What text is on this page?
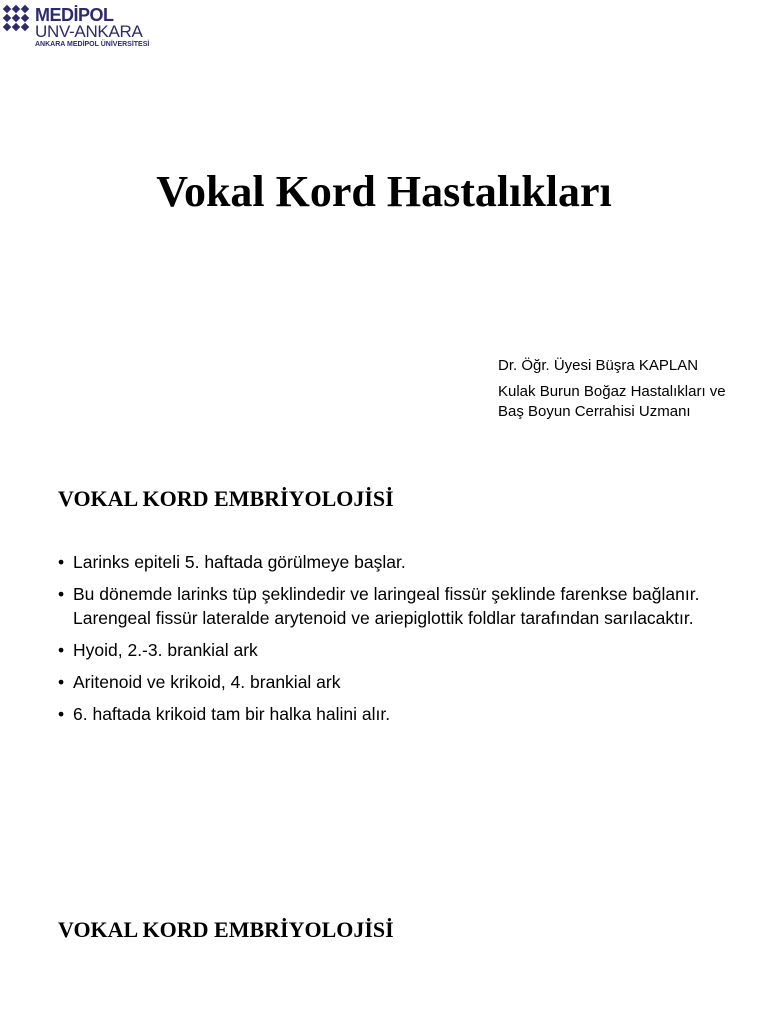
MEDİPOL
UNV-ANKARA
ANKARA MEDİPOL ÜNİVERSİTESİ
Vokal Kord Hastalıkları
Dr. Öğr. Üyesi Büşra KAPLAN
Kulak Burun Boğaz Hastalıkları ve
Baş Boyun Cerrahisi Uzmanı
VOKAL KORD EMBRİYOLOJİSİ
• Larinks epiteli 5. haftada görülmeye başlar.
• Bu dönemde larinks tüp şeklindedir ve laringeal fissür şeklinde farenkse bağlanır. Larengeal fissür lateralde arytenoid ve ariepiglottik foldlar tarafından sarılacaktır.
• Hyoid, 2.-3. brankial ark
• Aritenoid ve krikoid, 4. brankial ark
• 6. haftada krikoid tam bir halka halini alır.
VOKAL KORD EMBRİYOLOJİSİ
